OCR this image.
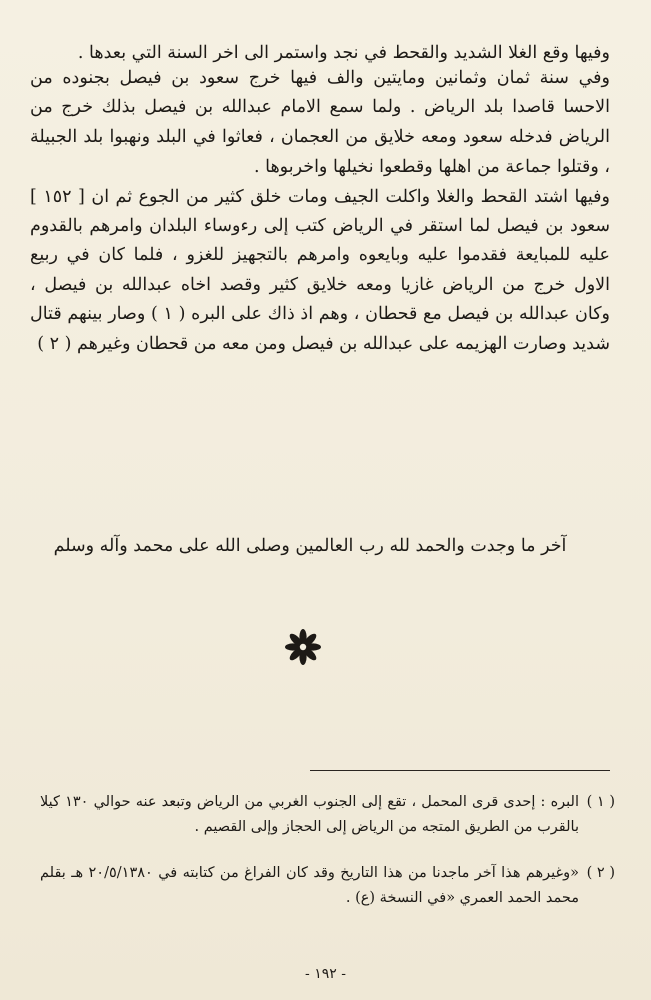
وفيها وقع الغلا الشديد والقحط في نجد واستمر الى اخر السنة التي بعدها .

وفي سنة ثمان وثمانين ومايتين والف فيها خرج سعود بن فيصل بجنوده من الاحسا قاصدا بلد الرياض . ولما سمع الامام عبدالله بن فيصل بذلك خرج من الرياض فدخله سعود ومعه خلايق من العجمان ، فعاثوا في البلد ونهبوا بلد الجبيلة ، وقتلوا جماعة من اهلها وقطعوا نخيلها واخربوها .

وفيها اشتد القحط والغلا واكلت الجيف ومات خلق كثير من الجوع ثم ان [ ١٥٢ ] سعود بن فيصل لما استقر في الرياض كتب إلى رءوساء البلدان وامرهم بالقدوم عليه للمبايعة فقدموا عليه وبايعوه وامرهم بالتجهيز للغزو ، فلما كان في ربيع الاول خرج من الرياض غازيا ومعه خلايق كثير وقصد اخاه عبدالله بن فيصل ، وكان عبدالله بن فيصل مع قحطان ، وهم اذ ذاك على البره ( ١ ) وصار بينهم قتال شديد وصارت الهزيمه على عبدالله بن فيصل ومن معه من قحطان وغيرهم ( ٢ )

آخر ما وجدت والحمد لله رب العالمين وصلى الله على محمد وآله وسلم
( ١ )
البره : إحدى قرى المحمل ، تقع إلى الجنوب الغربي من الرياض وتبعد عنه حوالي ١٣٠ كيلا بالقرب من الطريق المتجه من الرياض إلى الحجاز وإلى القصيم .
( ٢ )
«وغيرهم هذا آخر ماجدنا من هذا التاريخ وقد كان الفراغ من كتابته في ٢٠/٥/١٣٨٠ هـ بقلم محمد الحمد العمري «في النسخة (ع) .
- ١٩٢ -
